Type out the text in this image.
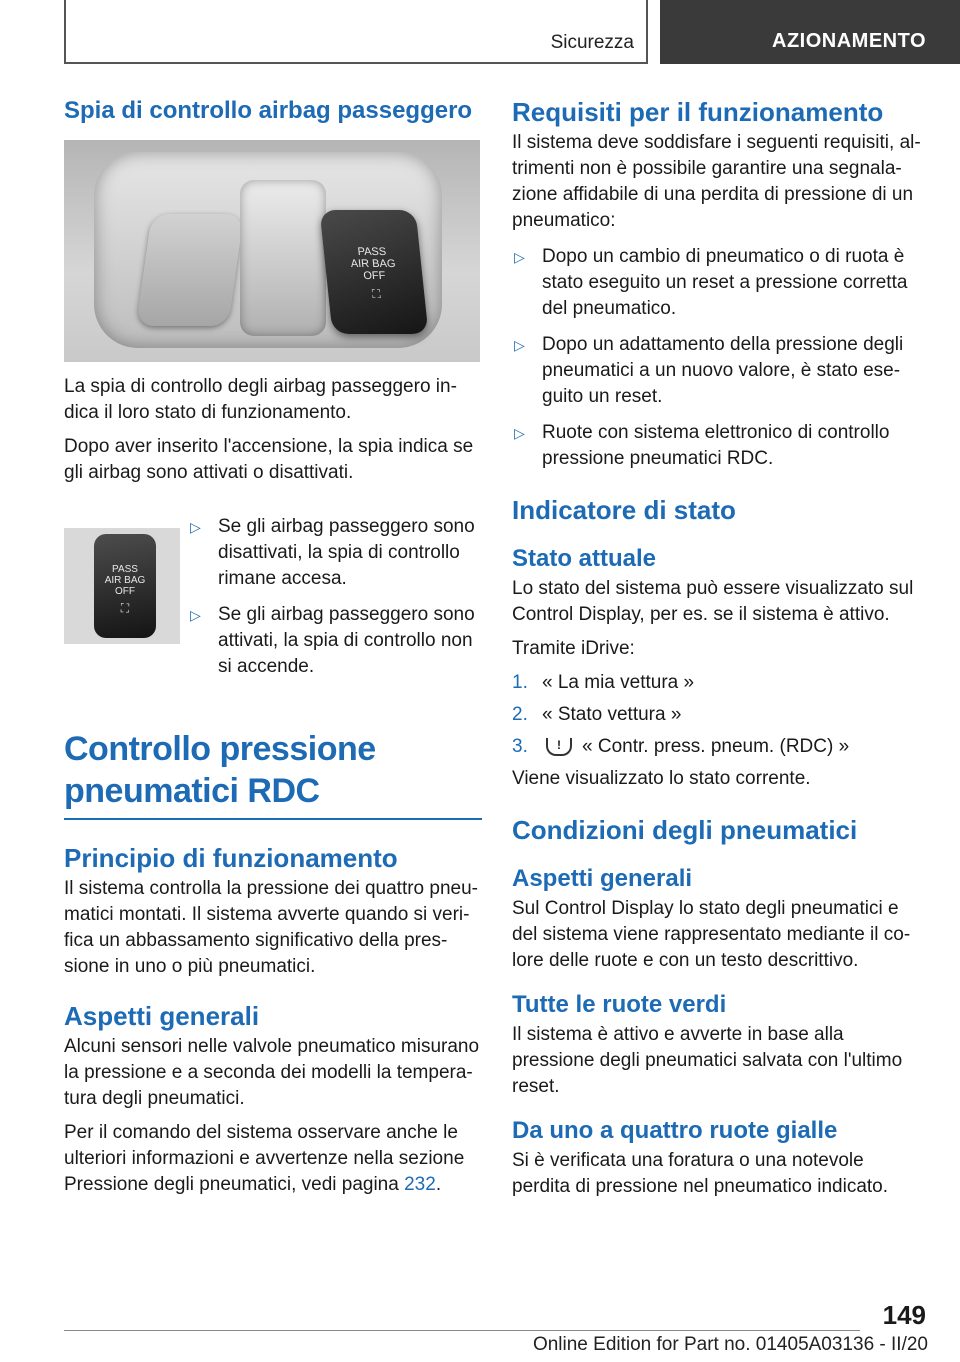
Sicurezza	AZIONAMENTO
Spia di controllo airbag passeggero
PASS
AIR BAG
OFF
⛶

La spia di controllo degli airbag passeggero in-dica il loro stato di funzionamento.

Dopo aver inserito l'accensione, la spia indica se gli airbag sono attivati o disattivati.

PASS
AIR BAG
OFF
⛶
▷ Se gli airbag passeggero sono disattivati, la spia di controllo rimane accesa.
▷ Se gli airbag passeggero sono attivati, la spia di controllo non si accende.
Controllo pressione pneumatici RDC
Principio di funzionamento

Il sistema controlla la pressione dei quattro pneu-matici montati. Il sistema avverte quando si veri-fica un abbassamento significativo della pres-sione in uno o più pneumatici.

Aspetti generali

Alcuni sensori nelle valvole pneumatico misurano la pressione e a seconda dei modelli la tempera-tura degli pneumatici.

Per il comando del sistema osservare anche le ulteriori informazioni e avvertenze nella sezione Pressione degli pneumatici, vedi pagina 232.

Requisiti per il funzionamento

Il sistema deve soddisfare i seguenti requisiti, al-trimenti non è possibile garantire una segnala-zione affidabile di una perdita di pressione di un pneumatico:

▷ Dopo un cambio di pneumatico o di ruota è stato eseguito un reset a pressione corretta del pneumatico.
▷ Dopo un adattamento della pressione degli pneumatici a un nuovo valore, è stato ese-guito un reset.
▷ Ruote con sistema elettronico di controllo pressione pneumatici RDC.
Indicatore di stato
Stato attuale

Lo stato del sistema può essere visualizzato sul Control Display, per es. se il sistema è attivo.

Tramite iDrive:

1. « La mia vettura »
2. « Stato vettura »
3. ! « Contr. press. pneum. (RDC) »

Viene visualizzato lo stato corrente.

Condizioni degli pneumatici
Aspetti generali

Sul Control Display lo stato degli pneumatici e del sistema viene rappresentato mediante il co-lore delle ruote e con un testo descrittivo.

Tutte le ruote verdi

Il sistema è attivo e avverte in base alla pressione degli pneumatici salvata con l'ultimo reset.

Da uno a quattro ruote gialle

Si è verificata una foratura o una notevole perdita di pressione nel pneumatico indicato.

149
Online Edition for Part no. 01405A03136 - II/20
